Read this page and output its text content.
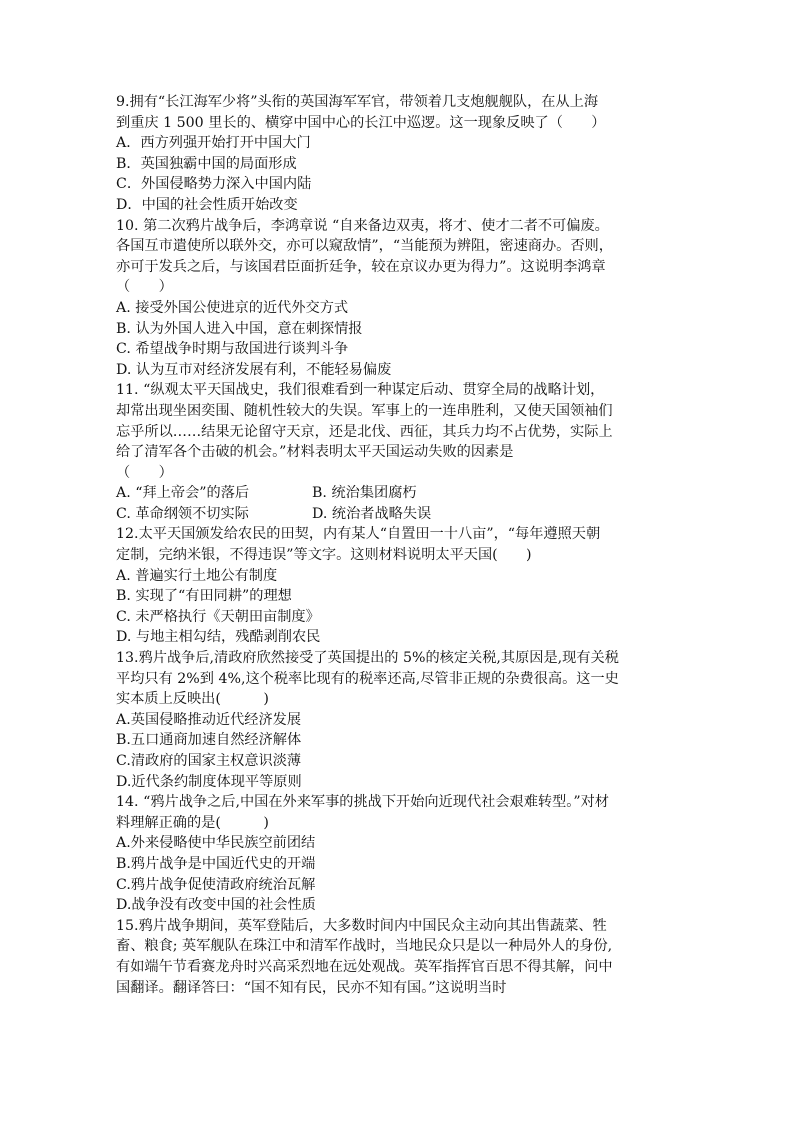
9.拥有“长江海军少将”头衔的英国海军军官，带领着几支炮舰舰队，在从上海
到重庆 1 500 里长的、横穿中国中心的长江中巡逻。这一现象反映了（　　）
A．西方列强开始打开中国大门
B．英国独霸中国的局面形成
C．外国侵略势力深入中国内陆
D．中国的社会性质开始改变
10. 第二次鸦片战争后，李鸿章说 “自来备边双夷，将才、使才二者不可偏废。
各国互市遣使所以联外交，亦可以窥敌情”，“当能预为辨阻，密速商办。否则，
亦可于发兵之后，与该国君臣面折廷争，较在京议办更为得力”。这说明李鸿章
（　　）
A. 接受外国公使进京的近代外交方式
B. 认为外国人进入中国，意在刺探情报
C. 希望战争时期与敌国进行谈判斗争
D. 认为互市对经济发展有利，不能轻易偏废
11. “纵观太平天国战史，我们很难看到一种谋定后动、贯穿全局的战略计划，
却常出现坐困奕围、随机性较大的失误。军事上的一连串胜利，又使天国领袖们
忘乎所以……结果无论留守天京，还是北伐、西征，其兵力均不占优势，实际上
给了清军各个击破的机会。”材料表明太平天国运动失败的因素是
（　　）
A. “拜上帝会”的落后	B. 统治集团腐朽
C. 革命纲领不切实际	D. 统治者战略失误
12.太平天国颁发给农民的田契，内有某人“自置田一十八亩”，“每年遵照天朝
定制，完纳米银，不得违误”等文字。这则材料说明太平天国(　　)
A. 普遍实行土地公有制度
B. 实现了“有田同耕”的理想
C. 未严格执行《天朝田亩制度》
D. 与地主相勾结，残酷剥削农民
13.鸦片战争后,清政府欣然接受了英国提出的 5%的核定关税,其原因是,现有关税
平均只有 2%到 4%,这个税率比现有的税率还高,尽管非正规的杂费很高。这一史
实本质上反映出(　　　)
A.英国侵略推动近代经济发展
B.五口通商加速自然经济解体
C.清政府的国家主权意识淡薄
D.近代条约制度体现平等原则
14. “鸦片战争之后,中国在外来军事的挑战下开始向近现代社会艰难转型。”对材
料理解正确的是(　　　)
A.外来侵略使中华民族空前团结
B.鸦片战争是中国近代史的开端
C.鸦片战争促使清政府统治瓦解
D.战争没有改变中国的社会性质
15.鸦片战争期间，英军登陆后，大多数时间内中国民众主动向其出售蔬菜、牲
畜、粮食; 英军舰队在珠江中和清军作战时，当地民众只是以一种局外人的身份,
有如端午节看赛龙舟时兴高采烈地在远处观战。英军指挥官百思不得其解，问中
国翻译。翻译答曰：“国不知有民，民亦不知有国。”这说明当时
